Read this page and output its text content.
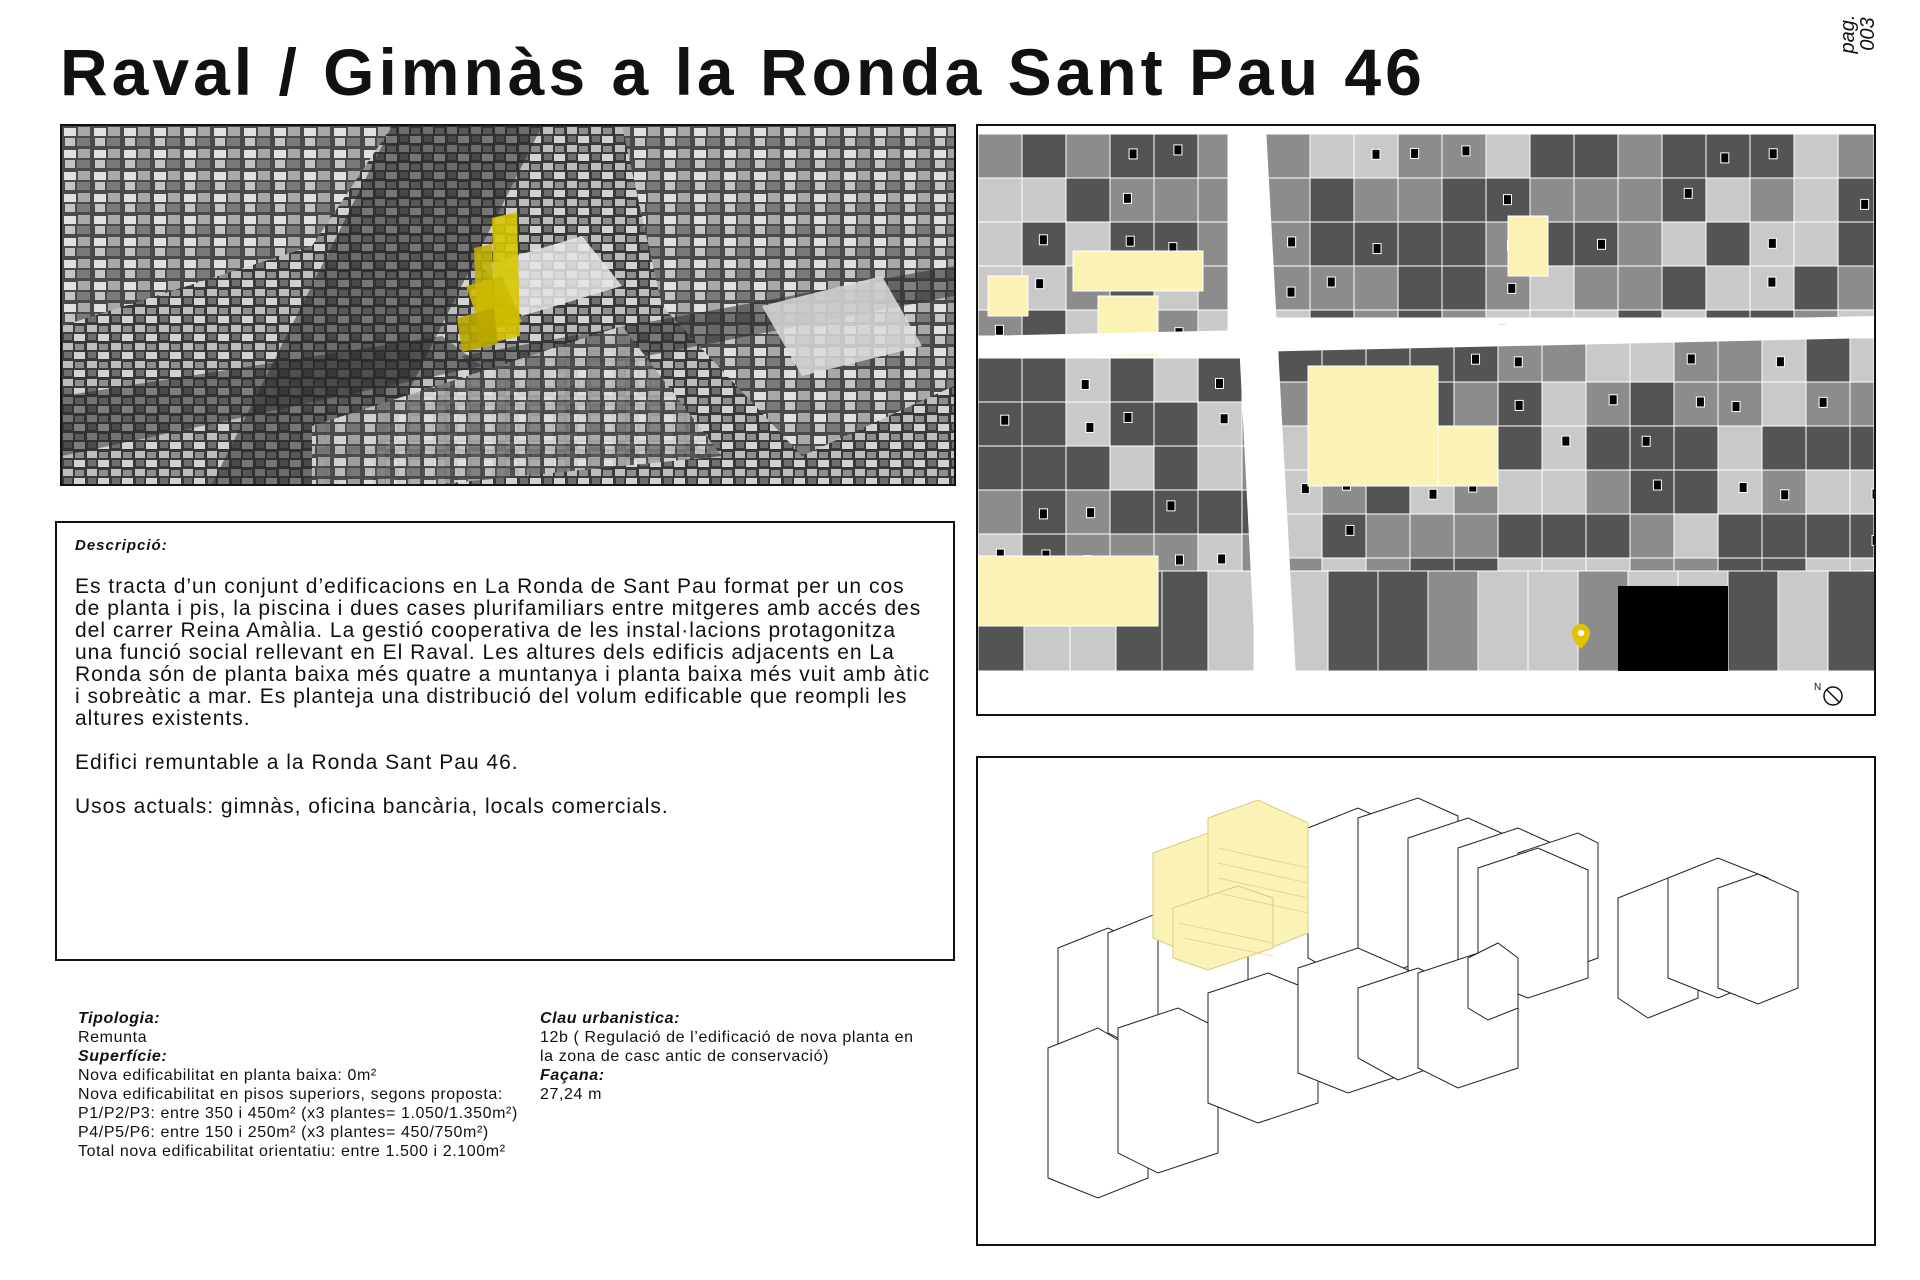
Raval / Gimnàs a la Ronda Sant Pau 46
pag.
003
N
Descripció:

Es tracta d’un conjunt d’edificacions en La Ronda de Sant Pau format per un cos de planta i pis, la piscina i dues cases plurifamiliars entre mitgeres amb accés des del carrer Reina Amàlia. La gestió cooperativa de les instal·lacions protagonitza una funció social rellevant en El Raval. Les altures dels edificis adjacents en La Ronda són de planta baixa més quatre a muntanya i planta baixa més vuit amb àtic i sobreàtic a mar. Es planteja una distribució del volum edificable que reompli les altures existents.

Edifici remuntable a la Ronda Sant Pau 46.

Usos actuals: gimnàs, oficina bancària, locals comercials.

Tipologia:
Remunta
Superfície:
Nova edificabilitat en planta baixa: 0m²
Nova edificabilitat en pisos superiors, segons proposta: P1/P2/P3: entre 350 i 450m² (x3 plantes= 1.050/1.350m²)
P4/P5/P6: entre 150 i 250m² (x3 plantes= 450/750m²)
Total nova edificabilitat orientatiu: entre 1.500 i 2.100m²
Clau urbanistica:
12b ( Regulació de l’edificació de nova planta en la zona de casc antic de conservació)
Façana:
27,24 m
